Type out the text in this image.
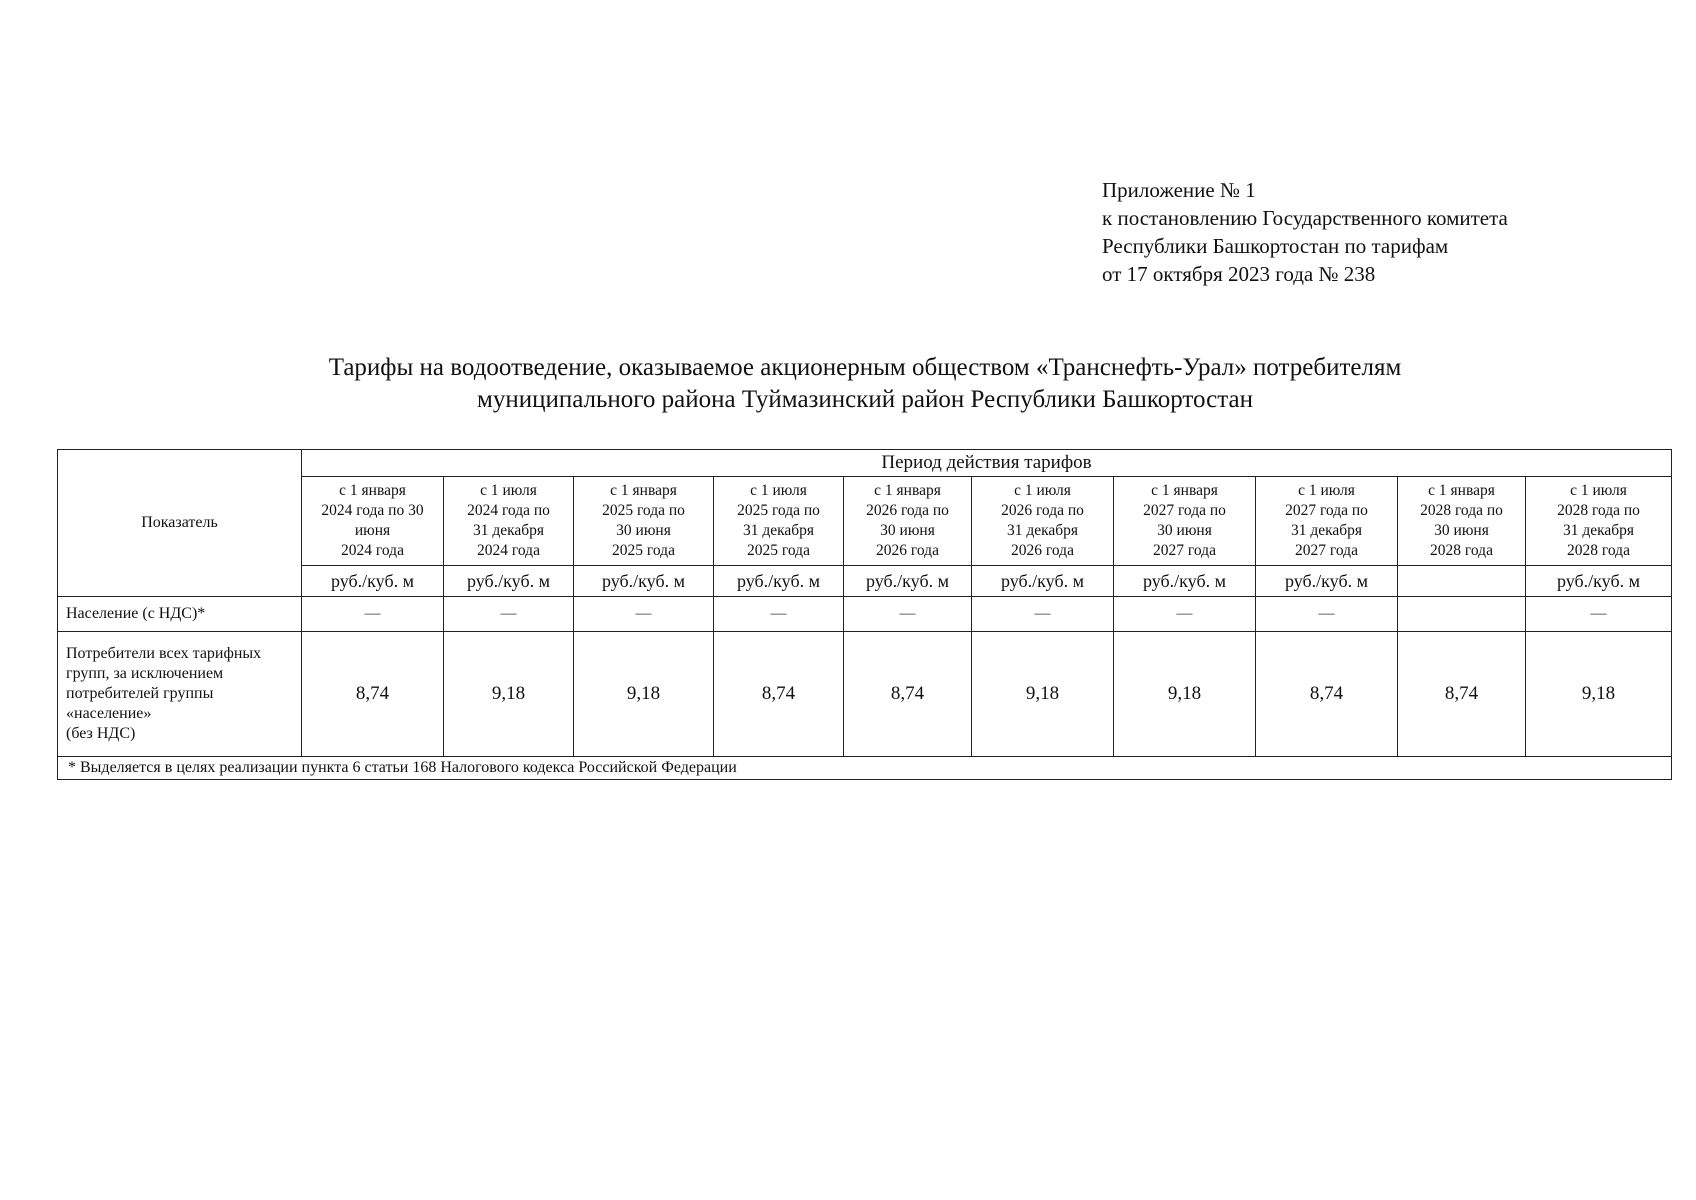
Приложение № 1
к постановлению Государственного комитета
Республики Башкортостан по тарифам
от 17 октября 2023 года № 238
Тарифы на водоотведение, оказываемое акционерным обществом «Транснефть-Урал» потребителям
муниципального района Туймазинский район Республики Башкортостан
Показатель	Период действия тарифов									

	с 1 января
2024 года по 30
июня
2024 года	с 1 июля
2024 года по
31 декабря
2024 года	с 1 января
2025 года по
30 июня
2025 года	с 1 июля
2025 года по
31 декабря
2025 года	с 1 января
2026 года по
30 июня
2026 года	с 1 июля
2026 года по
31 декабря
2026 года	с 1 января
2027 года по
30 июня
2027 года	с 1 июля
2027 года по
31 декабря
2027 года	с 1 января
2028 года по
30 июня
2028 года	с 1 июля
2028 года по
31 декабря
2028 года

	руб./куб. м	руб./куб. м	руб./куб. м	руб./куб. м	руб./куб. м	руб./куб. м	руб./куб. м	руб./куб. м		руб./куб. м

Население (с НДС)*	—	—	—	—	—	—	—	—		—

Потребители всех тарифных
групп, за исключением
потребителей группы
«население»
(без НДС)	8,74	9,18	9,18	8,74	8,74	9,18	9,18	8,74	8,74	9,18
* Выделяется в целях реализации пункта 6 статьи 168 Налогового кодекса Российской Федерации										
